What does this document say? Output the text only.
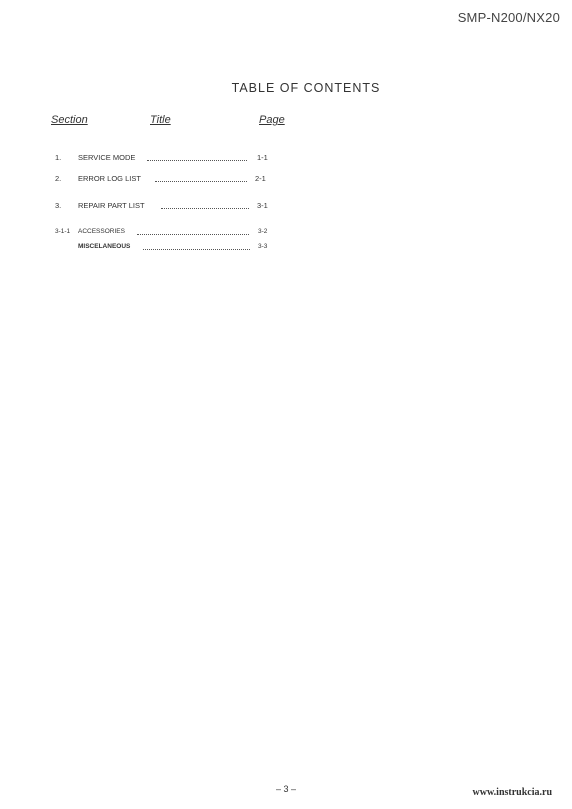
SMP-N200/NX20
TABLE OF CONTENTS
Section	Title	Page
1. SERVICE MODE	1-1
2. ERROR LOG LIST	2-1
3. REPAIR PART LIST	3-1
3-1-1 ACCESSORIES	3-2
MISCELANEOUS	3-3
– 3 –	www.instrukcia.ru
